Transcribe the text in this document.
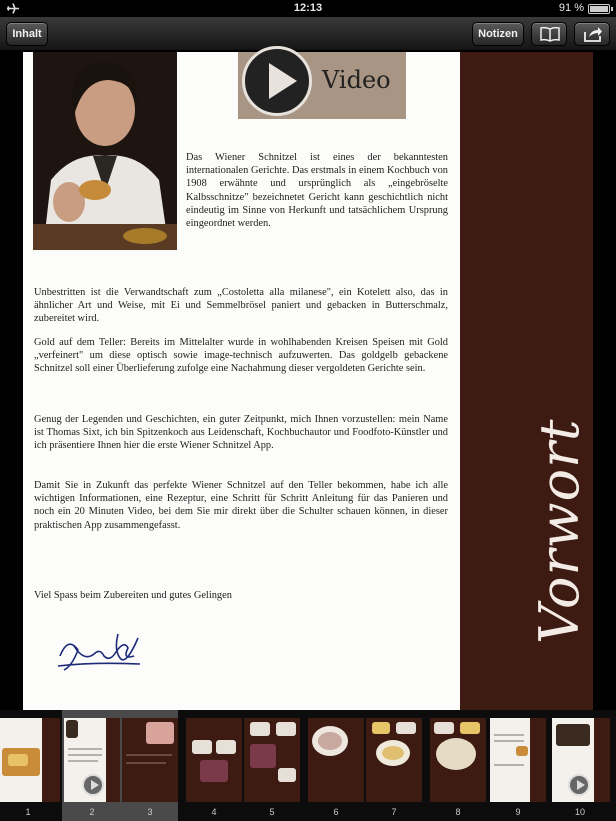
12:13	91 %
Inhalt	Notizen
Video

Das Wiener Schnitzel ist eines der bekanntesten internationalen Gerichte. Das erstmals in einem Kochbuch von 1908 erwähnte und ursprünglich als „eingebröselte Kalbsschnitze" bezeichnetet Gericht kann geschichtlich nicht eindeutig im Sinne von Herkunft und tatsächlichem Ursprung eingeordnet werden.

Unbestritten ist die Verwandtschaft zum „Costoletta alla milanese", ein Kotelett also, das in ähnlicher Art und Weise, mit Ei und Semmelbrösel paniert und gebacken in Butterschmalz, zubereitet wird.

Gold auf dem Teller: Bereits im Mittelalter wurde in wohlhabenden Kreisen Speisen mit Gold „verfeinert" um diese optisch sowie image-technisch aufzuwerten. Das goldgelb gebackene Schnitzel soll einer Überlieferung zufolge eine Nachahmung dieser vergoldeten Gerichte sein.

Genug der Legenden und Geschichten, ein guter Zeitpunkt, mich Ihnen vorzustellen: mein Name ist Thomas Sixt, ich bin Spitzenkoch aus Leidenschaft, Kochbuchautor und Foodfoto-Künstler und ich präsentiere Ihnen hier die erste Wiener Schnitzel App.

Damit Sie in Zukunft das perfekte Wiener Schnitzel auf den Teller bekommen, habe ich alle wichtigen Informationen, eine Rezeptur, eine Schritt für Schritt Anleitung für das Panieren und noch ein 20 Minuten Video, bei dem Sie mir direkt über die Schulter schauen können, in dieser praktischen App zusammengefasst.

Viel Spass beim Zubereiten und gutes Gelingen	Vorwort
1	2	3	4	5	6	7	8	9	10
